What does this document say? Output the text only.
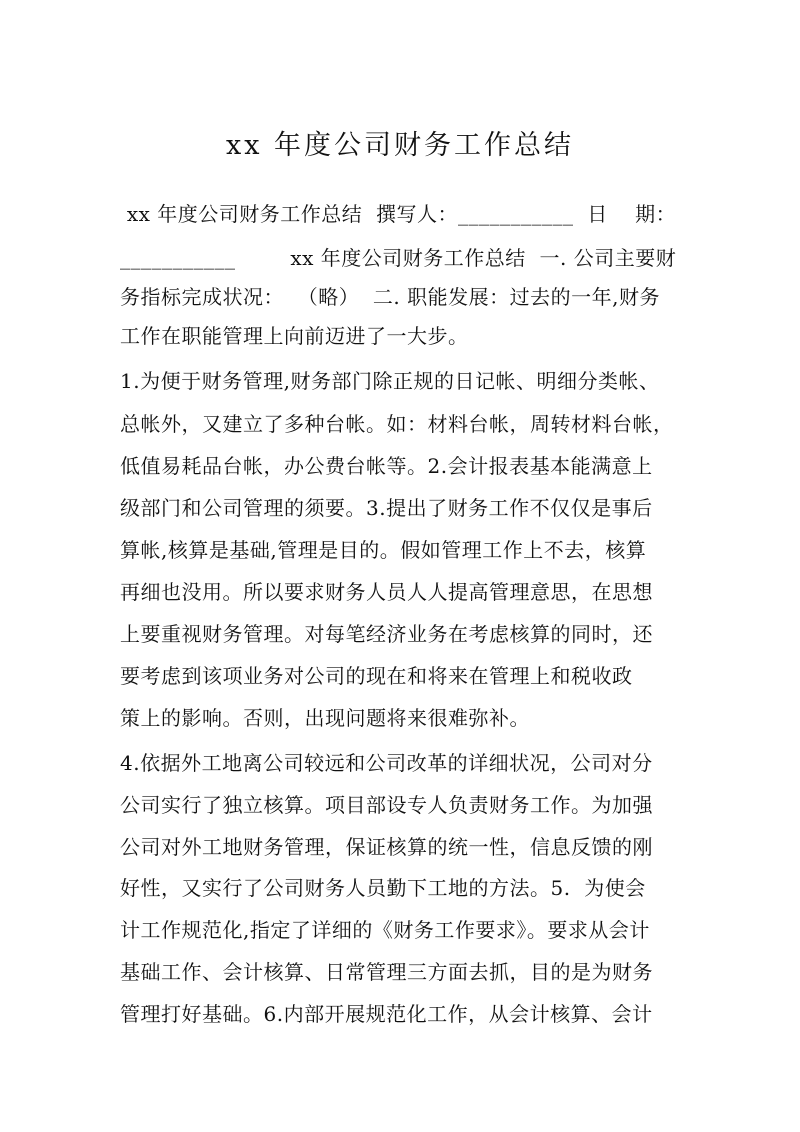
xx 年度公司财务工作总结
xx 年度公司财务工作总结  撰写人：___________  日    期：
___________        xx 年度公司财务工作总结  一. 公司主要财
务指标完成状况：  （略）  二. 职能发展：过去的一年,财务
工作在职能管理上向前迈进了一大步。
1.为便于财务管理,财务部门除正规的日记帐、明细分类帐、
总帐外，又建立了多种台帐。如：材料台帐，周转材料台帐，
低值易耗品台帐，办公费台帐等。2.会计报表基本能满意上
级部门和公司管理的须要。3.提出了财务工作不仅仅是事后
算帐,核算是基础,管理是目的。假如管理工作上不去，核算
再细也没用。所以要求财务人员人人提高管理意思，在思想
上要重视财务管理。对每笔经济业务在考虑核算的同时，还
要考虑到该项业务对公司的现在和将来在管理上和税收政
策上的影响。否则，出现问题将来很难弥补。
4.依据外工地离公司较远和公司改革的详细状况，公司对分
公司实行了独立核算。项目部设专人负责财务工作。为加强
公司对外工地财务管理，保证核算的统一性，信息反馈的刚
好性，又实行了公司财务人员勤下工地的方法。5.  为使会
计工作规范化,指定了详细的《财务工作要求》。要求从会计
基础工作、会计核算、日常管理三方面去抓，目的是为财务
管理打好基础。6.内部开展规范化工作，从会计核算、会计
